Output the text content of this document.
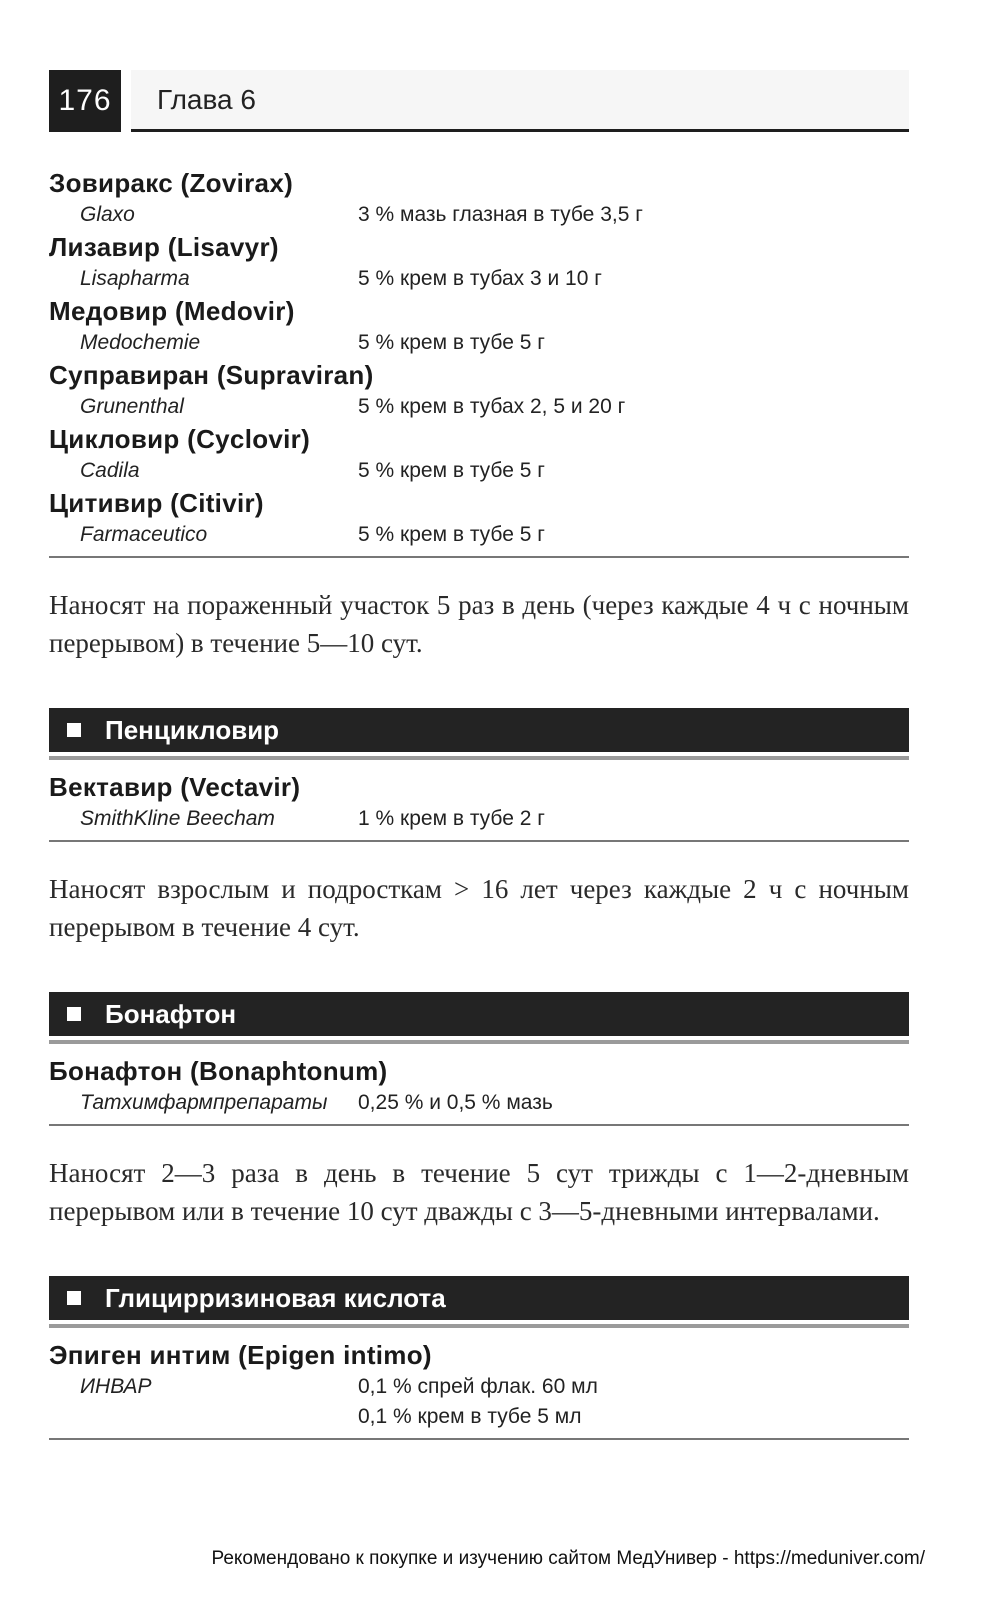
176	Глава 6
Зовиракс (Zovirax)
Glaxo	3 % мазь глазная в тубе 3,5 г
Лизавир (Lisavyr)
Lisapharma	5 % крем в тубах 3 и 10 г
Медовир (Medovir)
Medochemie	5 % крем в тубе 5 г
Суправиран (Supraviran)
Grunenthal	5 % крем в тубах 2, 5 и 20 г
Цикловир (Cyclovir)
Cadila	5 % крем в тубе 5 г
Цитивир (Citivir)
Farmaceutico	5 % крем в тубе 5 г

Наносят на пораженный участок 5 раз в день (через каждые 4 ч с ночным перерывом) в течение 5—10 сут.

Пенцикловир
Вектавир (Vectavir)
SmithKline Beecham	1 % крем в тубе 2 г

Наносят взрослым и подросткам > 16 лет через каждые 2 ч с ночным перерывом в течение 4 сут.

Бонафтон
Бонафтон (Bonaphtonum)
Татхимфармпрепараты	0,25 % и 0,5 % мазь

Наносят 2—3 раза в день в течение 5 сут трижды с 1—2-дневным перерывом или в течение 10 сут дважды с 3—5-дневными интервалами.

Глицирризиновая кислота
Эпиген интим (Epigen intimo)
ИНВАР	0,1 % спрей флак. 60 мл
0,1 % крем в тубе 5 мл
Рекомендовано к покупке и изучению сайтом МедУнивер - https://meduniver.com/
